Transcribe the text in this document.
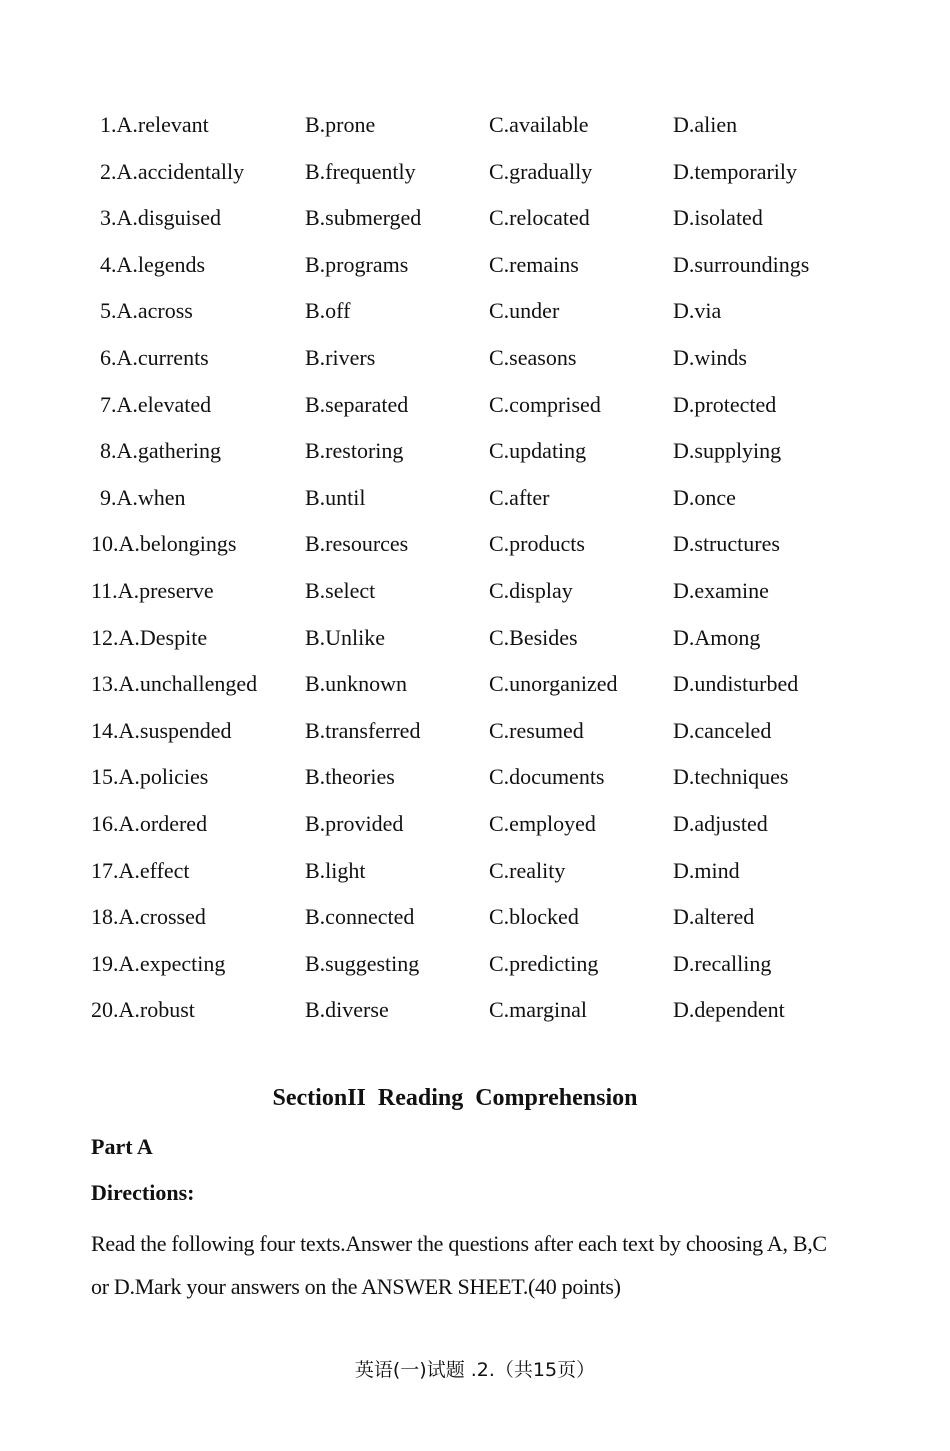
1.A.relevant	B.prone	C.available	D.alien
2.A.accidentally	B.frequently	C.gradually	D.temporarily
3.A.disguised	B.submerged	C.relocated	D.isolated
4.A.legends	B.programs	C.remains	D.surroundings
5.A.across	B.off	C.under	D.via
6.A.currents	B.rivers	C.seasons	D.winds
7.A.elevated	B.separated	C.comprised	D.protected
8.A.gathering	B.restoring	C.updating	D.supplying
9.A.when	B.until	C.after	D.once
10.A.belongings	B.resources	C.products	D.structures
11.A.preserve	B.select	C.display	D.examine
12.A.Despite	B.Unlike	C.Besides	D.Among
13.A.unchallenged B.unknown	C.unorganized	D.undisturbed
14.A.suspended	B.transferred	C.resumed	D.canceled
15.A.policies	B.theories	C.documents	D.techniques
16.A.ordered	B.provided	C.employed	D.adjusted
17.A.effect	B.light	C.reality	D.mind
18.A.crossed	B.connected	C.blocked	D.altered
19.A.expecting	B.suggesting	C.predicting	D.recalling
20.A.robust	B.diverse	C.marginal	D.dependent
SectionII Reading Comprehension
Part A
Directions:
Read the following four texts.Answer the questions after each text by choosing A, B,C or D.Mark your answers on the ANSWER SHEET.(40 points)
英语(一)试题 .2.（共15页）
